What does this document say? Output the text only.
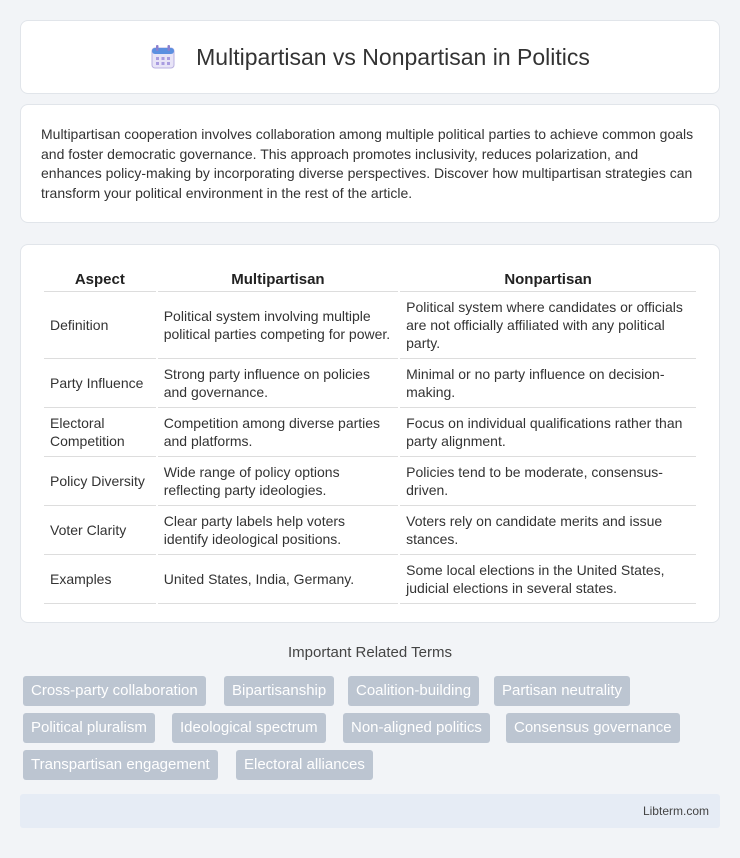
Multipartisan vs Nonpartisan in Politics

Multipartisan cooperation involves collaboration among multiple political parties to achieve common goals and foster democratic governance. This approach promotes inclusivity, reduces polarization, and enhances policy-making by incorporating diverse perspectives. Discover how multipartisan strategies can transform your political environment in the rest of the article.

Aspect	Multipartisan	Nonpartisan
Definition	Political system involving multiple political parties competing for power.	Political system where candidates or officials are not officially affiliated with any political party.
Party Influence	Strong party influence on policies and governance.	Minimal or no party influence on decision-making.
Electoral Competition	Competition among diverse parties and platforms.	Focus on individual qualifications rather than party alignment.
Policy Diversity	Wide range of policy options reflecting party ideologies.	Policies tend to be moderate, consensus-driven.
Voter Clarity	Clear party labels help voters identify ideological positions.	Voters rely on candidate merits and issue stances.
Examples	United States, India, Germany.	Some local elections in the United States, judicial elections in several states.
Important Related Terms
Cross-party collaboration	Bipartisanship	Coalition-building	Partisan neutrality
Political pluralism	Ideological spectrum	Non-aligned politics	Consensus governance
Transpartisan engagement	Electoral alliances
Libterm.com
